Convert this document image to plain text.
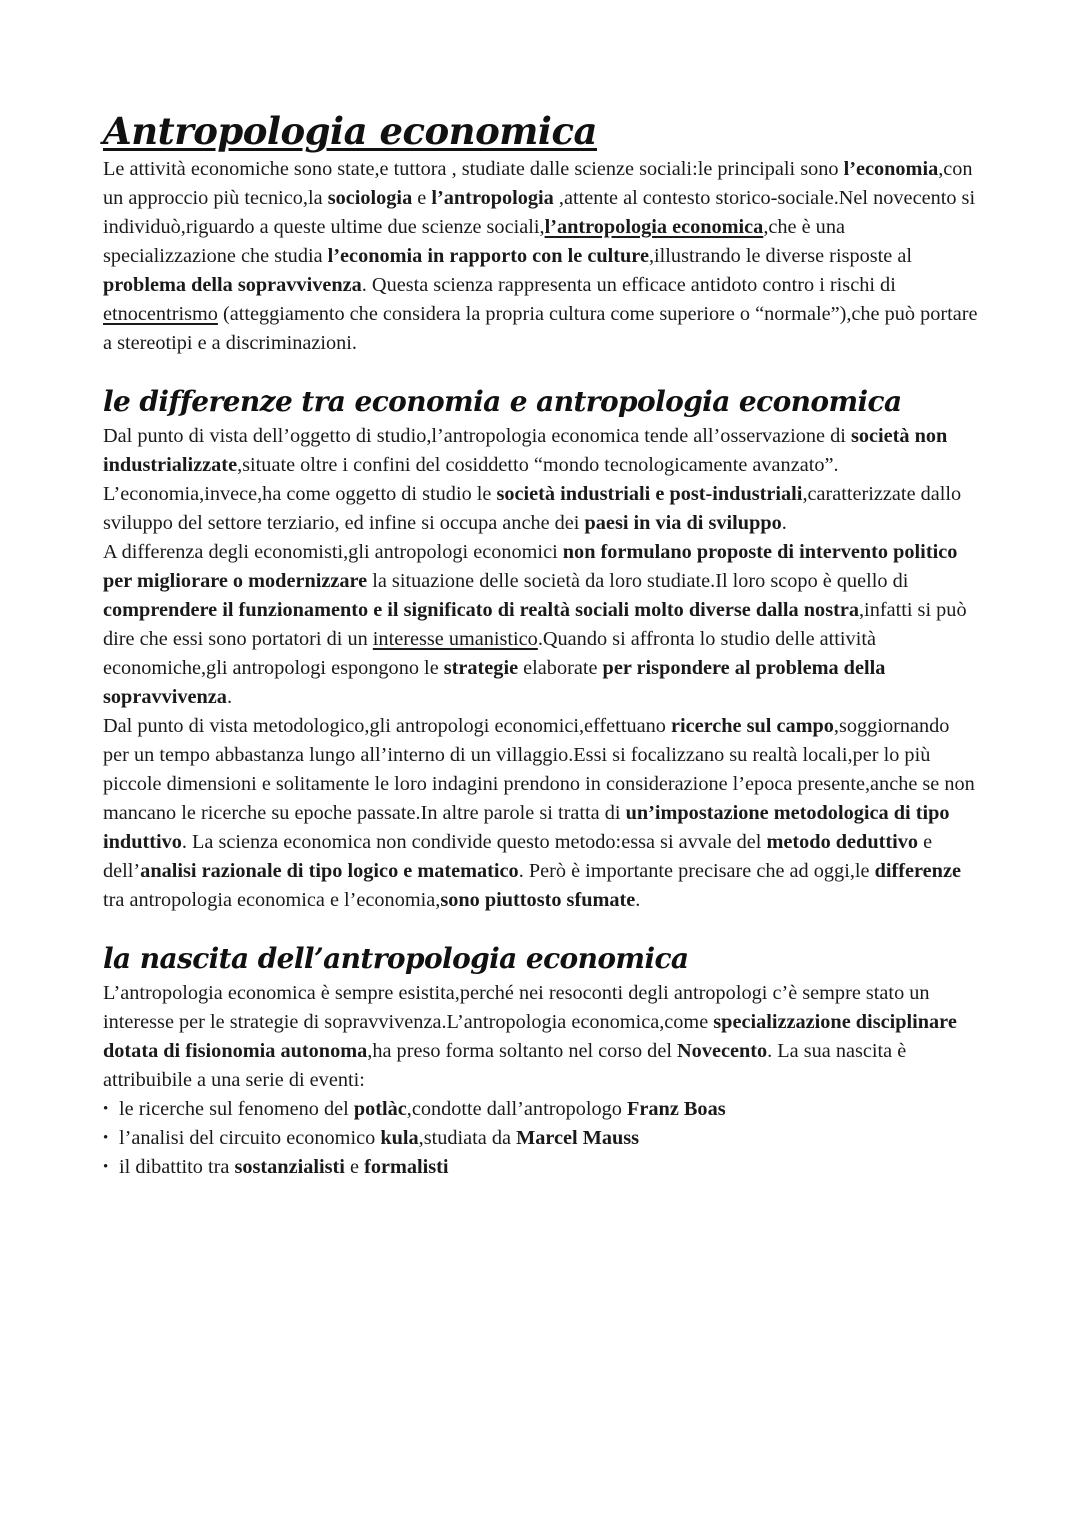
Antropologia economica

Le attività economiche sono state,e tuttora , studiate dalle scienze sociali:le principali sono l’economia,con un approccio più tecnico,la sociologia e l’antropologia ,attente al contesto storico-sociale.Nel novecento si individuò,riguardo a queste ultime due scienze sociali,l’antropologia economica,che è una specializzazione che studia l’economia in rapporto con le culture,illustrando le diverse risposte al problema della sopravvivenza. Questa scienza rappresenta un efficace antidoto contro i rischi di etnocentrismo (atteggiamento che considera la propria cultura come superiore o “normale”),che può portare a stereotipi e a discriminazioni.

le differenze tra economia e antropologia economica

Dal punto di vista dell’oggetto di studio,l’antropologia economica tende all’osservazione di società non industrializzate,situate oltre i confini del cosiddetto “mondo tecnologicamente avanzato”. L’economia,invece,ha come oggetto di studio le società industriali e post-industriali,caratterizzate dallo sviluppo del settore terziario, ed infine si occupa anche dei paesi in via di sviluppo.

A differenza degli economisti,gli antropologi economici non formulano proposte di intervento politico per migliorare o modernizzare la situazione delle società da loro studiate.Il loro scopo è quello di comprendere il funzionamento e il significato di realtà sociali molto diverse dalla nostra,infatti si può dire che essi sono portatori di un interesse umanistico.Quando si affronta lo studio delle attività economiche,gli antropologi espongono le strategie elaborate per rispondere al problema della sopravvivenza.

Dal punto di vista metodologico,gli antropologi economici,effettuano ricerche sul campo,soggiornando per un tempo abbastanza lungo all’interno di un villaggio.Essi si focalizzano su realtà locali,per lo più piccole dimensioni e solitamente le loro indagini prendono in considerazione l’epoca presente,anche se non mancano le ricerche su epoche passate.In altre parole si tratta di un’impostazione metodologica di tipo induttivo. La scienza economica non condivide questo metodo:essa si avvale del metodo deduttivo e dell’analisi razionale di tipo logico e matematico. Però è importante precisare che ad oggi,le differenze tra antropologia economica e l’economia,sono piuttosto sfumate.

la nascita dell’antropologia economica

L’antropologia economica è sempre esistita,perché nei resoconti degli antropologi c’è sempre stato un interesse per le strategie di sopravvivenza.L’antropologia economica,come specializzazione disciplinare dotata di fisionomia autonoma,ha preso forma soltanto nel corso del Novecento. La sua nascita è attribuibile a una serie di eventi:

• le ricerche sul fenomeno del potlàc,condotte dall’antropologo Franz Boas
• l’analisi del circuito economico kula,studiata da Marcel Mauss
• il dibattito tra sostanzialisti e formalisti
